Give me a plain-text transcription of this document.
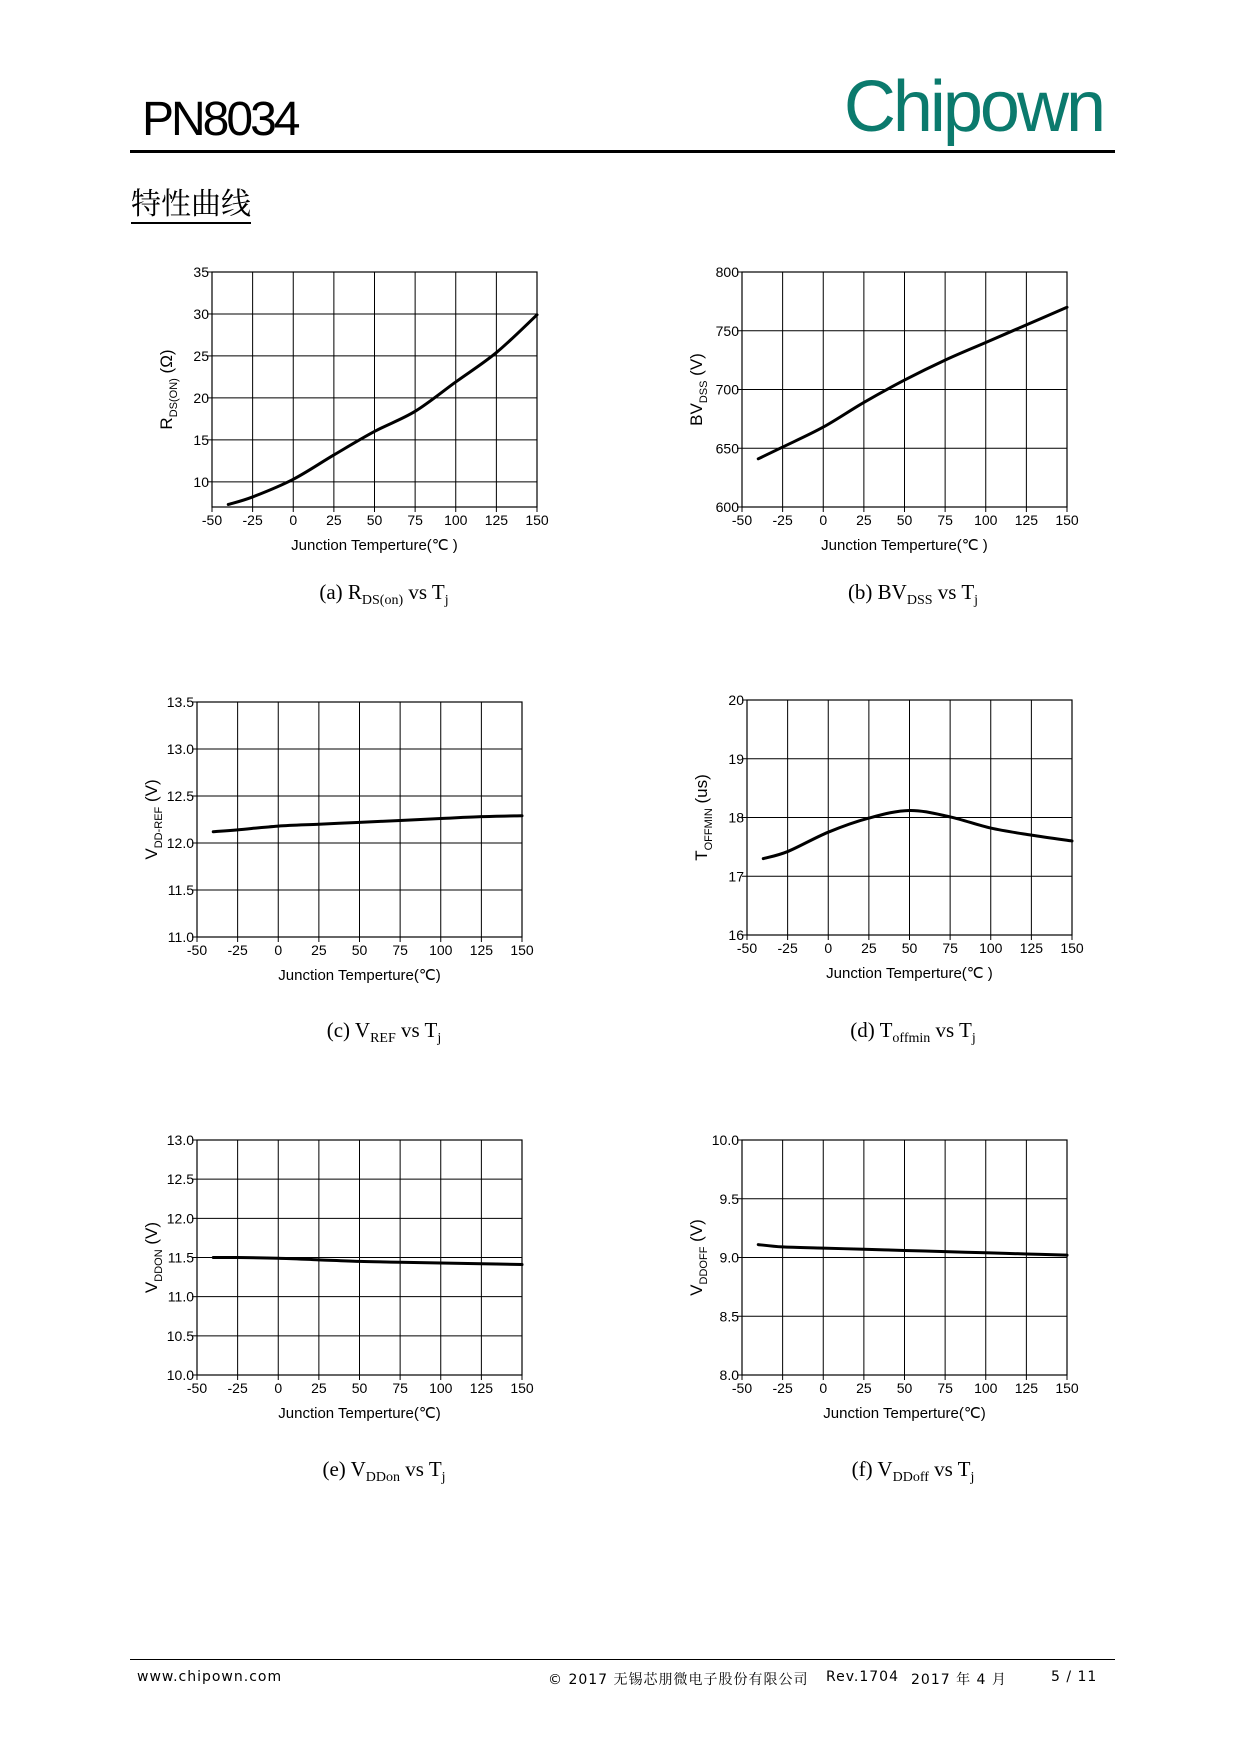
PN8034	Chipown
特性曲线
-50 -25 0 25 50 75 100 125 150
35
30
25
20
15
10
Junction Temperture(℃ )
$R_{DS(ON)}$ (Ω)
-50 -25 0 25 50 75 100 125 150
800
750
700
650
600
Junction Temperture(℃ )
$BV_{DSS}$ (V)
-50 -25 0 25 50 75 100 125 150
13.5
13.0
12.5
12.0
11.5
11.0
Junction Temperture(℃)
$V_{DD-REF}$ (V)
-50 -25 0 25 50 75 100 125 150
20
19
18
17
16
Junction Temperture(℃ )
$T_{OFFMIN}$ (us)
-50 -25 0 25 50 75 100 125 150
13.0
12.5
12.0
11.5
11.0
10.5
10.0
Junction Temperture(℃)
$V_{DDON}$ (V)
-50 -25 0 25 50 75 100 125 150
10.0
9.5
9.0
8.5
8.0
Junction Temperture(℃)
$V_{DDOFF}$ (V)
(a) $R_{DS(on)}$ vs $T_j$	(b) $BV_{DSS}$ vs $T_j$
(c) $V_{REF}$ vs $T_j$	(d) $T_{offmin}$ vs $T_j$
(e) $V_{DDon}$ vs $T_j$	(f) $V_{DDoff}$ vs $T_j$
www.chipown.com	© 2017 无锡芯朋微电子股份有限公司 Rev.1704 2017 年 4 月	5 / 11
